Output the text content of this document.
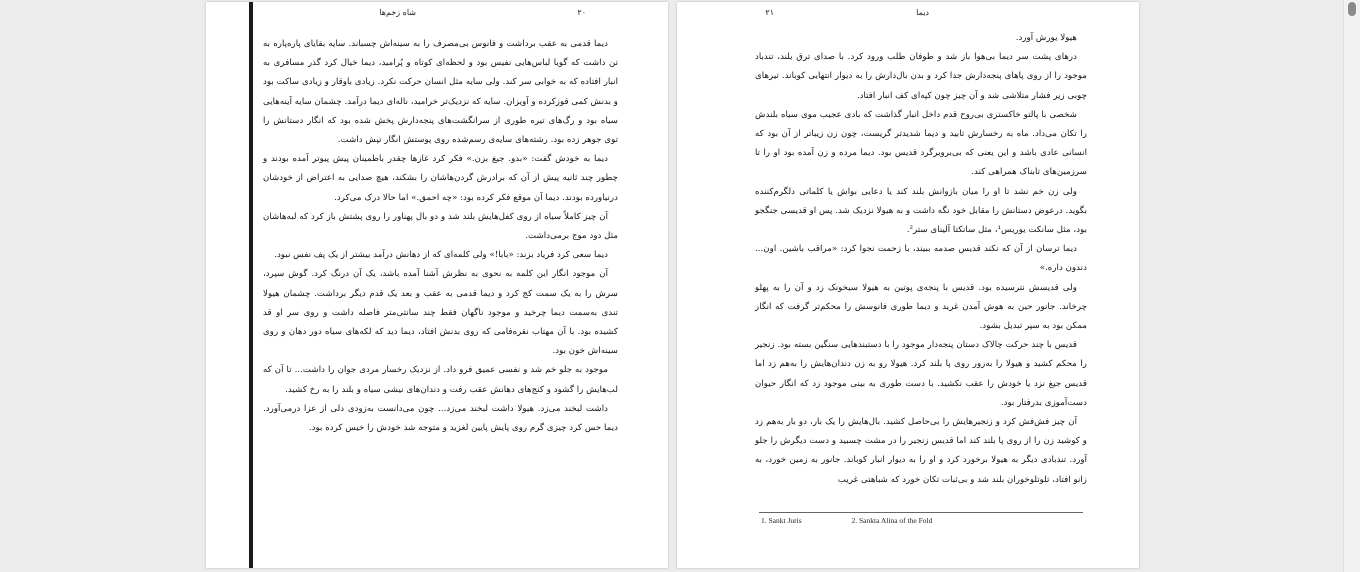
۲۰
شاه زخم‌ها

دیما قدمی به عقب برداشت و فانوس بی‌مصرف را به سینه‌اش چسباند. سایه بقایای پاره‌پاره به تن داشت که گویا لباس‌هایی نفیس بود و لحظه‌ای کوتاه و پُرامید، دیما خیال کرد گذر مسافری به انبار افتاده که به خوابی سر کند. ولی سایه مثل انسان حرکت نکرد. زیادی باوقار و زیادی ساکت بود و بدنش کمی قوزکرده و آویزان. سایه که نزدیک‌تر خرامید، ناله‌ای دیما درآمد. چشمان سایه آینه‌هایی سیاه بود و رگ‌های تیره طوری از سرانگشت‌های پنجه‌دارش پخش شده بود که انگار دستانش را توی جوهر زده بود. رشته‌های سایه‌ی رسم‌شده روی پوستش انگار تپش داشت.

دیما به خودش گفت: «بدو. جیغ بزن.» فکر کرد غازها چقدر باطمینان پیش پیوتر آمده بودند و چطور چند ثانیه پیش از آن که برادرش گردن‌هاشان را بشکند، هیچ صدایی به اعتراض از خودشان درنیاورده بودند. دیما آن موقع فکر کرده بود: «چه احمق.» اما حالا درک می‌کرد.

آن چیز کاملاً سیاه از روی کفل‌هایش بلند شد و دو بال پهناور را روی پشتش باز کرد که لبه‌هاشان مثل دود موج برمی‌داشت.

دیما سعی کرد فریاد بزند: «بابا!» ولی کلمه‌ای که از دهانش درآمد بیشتر از یک پف نفس نبود.

آن موجود انگار این کلمه به نحوی به نظرش آشنا آمده باشد، یک آن درنگ کرد. گوش سپرد، سرش را به یک سمت کج کرد و دیما قدمی به عقب و بعد یک قدم دیگر برداشت. چشمان هیولا تندی به‌سمت دیما چرخید و موجود ناگهان فقط چند سانتی‌متر فاصله داشت و روی سر او قد کشیده بود. با آن مهتاب نقره‌فامی که روی بدنش افتاد، دیما دید که لکه‌های سیاه دور دهان و روی سینه‌اش خون بود.

موجود به جلو خم شد و نفسی عمیق فرو داد. از نزدیک رخسار مردی جوان را داشت... تا آن که لب‌هایش را گشود و کنج‌های دهانش عقب رفت و دندان‌های نیشی سیاه و بلند را به رخ کشید.

داشت لبخند می‌زد. هیولا داشت لبخند می‌زد... چون می‌دانست به‌زودی دلی از عزا درمی‌آورد. دیما حس کرد چیزی گرم روی پایش پایین لغزید و متوجه شد خودش را خیس کرده بود.

۲۱	دیما

هیولا یورش آورد.

درهای پشت سر دیما بی‌هوا باز شد و طوفان طلب ورود کرد. با صدای ترق بلند، تندباد موجود را از روی پاهای پنجه‌دارش جدا کرد و بدن بال‌دارش را به دیوار انتهایی کوباند. تیرهای چوبی زیر فشار متلاشی شد و آن چیز چون کپه‌ای کف انبار افتاد.

شخصی با پالتو خاکستری بی‌روح قدم داخل انبار گذاشت که بادی عجیب موی سیاه بلندش را تکان می‌داد. ماه به رخسارش تابید و دیما شدیدتر گریست، چون زن زیباتر از آن بود که انسانی عادی باشد و این یعنی که بی‌بروبرگرد قدیس بود. دیما مرده و زن آمده بود او را تا سرزمین‌های تابناک همراهی کند.

ولی زن خم نشد تا او را میان بازوانش بلند کند یا دعایی بواش یا کلماتی دلگرم‌کننده بگوید. درعوض دستانش را مقابل خود نگه داشت و به هیولا نزدیک شد. پس او قدیسی جنگجو بود، مثل سانکت یوریس¹، مثل سانکتا آلینای ستر².

دیما ترسان از آن که نکند قدیس صدمه ببیند، با زحمت نجوا کرد: «مراقب باشین. اون... دندون داره.»

ولی قدیسش نترسیده بود. قدیس با پنجه‌ی پوتین به هیولا سیخونک زد و آن را به پهلو چرخاند. جانور حین به هوش آمدن غرید و دیما طوری فانوسش را محکم‌تر گرفت که انگار ممکن بود به سپر تبدیل بشود.

قدیس با چند حرکت چالاک دستان پنجه‌دار موجود را با دستبندهایی سنگین بسته بود. زنجیر را محکم کشید و هیولا را به‌زور روی پا بلند کرد. هیولا رو به زن دندان‌هایش را به‌هم زد اما قدیس جیغ نزد یا خودش را عقب نکشید. با دست طوری به بینی موجود زد که انگار حیوان دست‌آموزی بدرفتار بود.

آن چیز فش‌فش کرد و زنجیرهایش را بی‌حاصل کشید. بال‌هایش را یک بار، دو بار به‌هم زد و کوشید زن را از روی پا بلند کند اما قدیس زنجیر را در مشت چسبید و دست دیگرش را جلو آورد. تندبادی دیگر به هیولا برخورد کرد و او را به دیوار انبار کوباند. جانور به زمین خورد، به زانو افتاد، تلوتلوخوران بلند شد و بی‌ثبات تکان خورد که شباهتی غریب

1. Sankt Juris	2. Sankta Alina of the Fold
